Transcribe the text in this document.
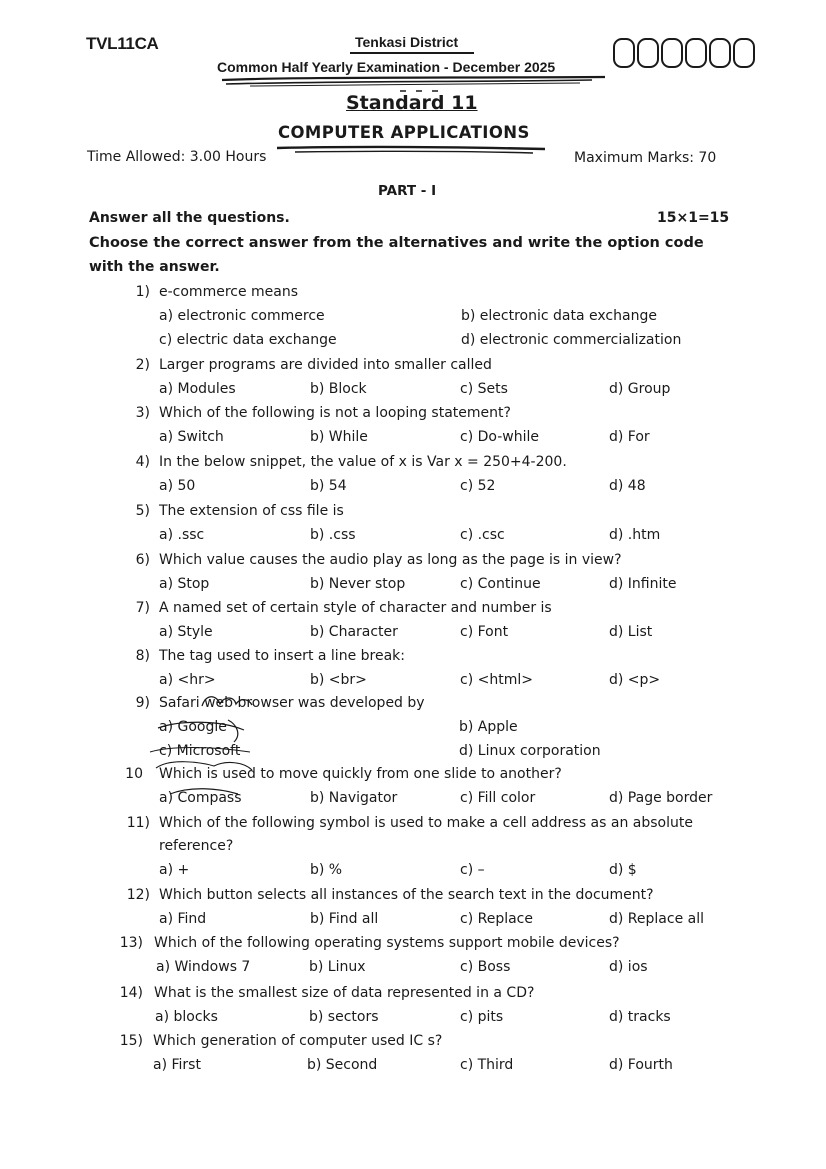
TVL11CA	Tenkasi District
Common Half Yearly Examination - December 2025
Standard 11
COMPUTER APPLICATIONS
Time Allowed: 3.00 Hours	Maximum Marks: 70
PART - I
Answer all the questions.	15×1=15
Choose the correct answer from the alternatives and write the option code
with the answer.
1) e-commerce means
a) electronic commerce	b) electronic data exchange
c) electric data exchange	d) electronic commercialization
2) Larger programs are divided into smaller called
a) Modules	b) Block	c) Sets	d) Group
3) Which of the following is not a looping statement?
a) Switch	b) While	c) Do-while	d) For
4) In the below snippet, the value of x is Var x = 250+4-200.
a) 50	b) 54	c) 52	d) 48
5) The extension of css file is
a) .ssc	b) .css	c) .csc	d) .htm
6) Which value causes the audio play as long as the page is in view?
a) Stop	b) Never stop	c) Continue	d) Infinite
7) A named set of certain style of character and number is
a) Style	b) Character	c) Font	d) List
8) The tag used to insert a line break:
a) <hr>	b) <br>	c) <html>	d) <p>
9) Safari web browser was developed by
a) Google	b) Apple
c) Microsoft	d) Linux corporation
10 Which is used to move quickly from one slide to another?
a) Compass	b) Navigator	c) Fill color	d) Page border
11) Which of the following symbol is used to make a cell address as an absolute
reference?
a) +	b) %	c) –	d) $
12) Which button selects all instances of the search text in the document?
a) Find	b) Find all	c) Replace	d) Replace all
13) Which of the following operating systems support mobile devices?
a) Windows 7	b) Linux	c) Boss	d) ios
14) What is the smallest size of data represented in a CD?
a) blocks	b) sectors	c) pits	d) tracks
15) Which generation of computer used IC s?
a) First	b) Second	c) Third	d) Fourth
